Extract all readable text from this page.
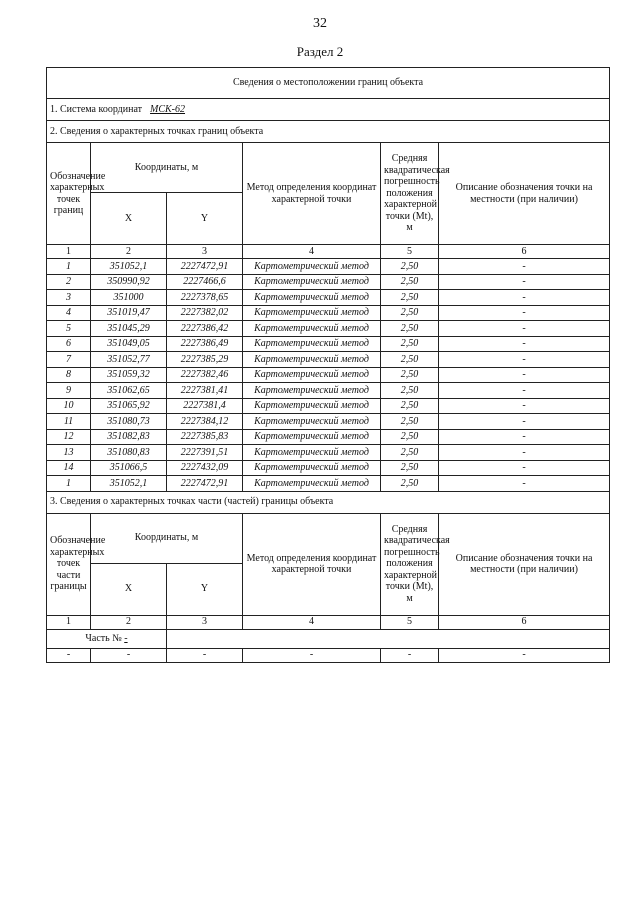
32
Раздел 2
Сведения о местоположении границ объекта					
1. Система координат МСК-62					
2. Сведения о характерных точках границ объекта					
Обозначение характерных точек границ	Координаты, м		Метод определения координат характерной точки	Средняя квадратическая погрешность положения характерной точки (Mt), м	Описание обозначения точки на местности (при наличии)
	X	Y			
1	2	3	4	5	6
1	351052,1	2227472,91	Картометрический метод	2,50	-
2	350990,92	2227466,6	Картометрический метод	2,50	-
3	351000	2227378,65	Картометрический метод	2,50	-
4	351019,47	2227382,02	Картометрический метод	2,50	-
5	351045,29	2227386,42	Картометрический метод	2,50	-
6	351049,05	2227386,49	Картометрический метод	2,50	-
7	351052,77	2227385,29	Картометрический метод	2,50	-
8	351059,32	2227382,46	Картометрический метод	2,50	-
9	351062,65	2227381,41	Картометрический метод	2,50	-
10	351065,92	2227381,4	Картометрический метод	2,50	-
11	351080,73	2227384,12	Картометрический метод	2,50	-
12	351082,83	2227385,83	Картометрический метод	2,50	-
13	351080,83	2227391,51	Картометрический метод	2,50	-
14	351066,5	2227432,09	Картометрический метод	2,50	-
1	351052,1	2227472,91	Картометрический метод	2,50	-
3. Сведения о характерных точках части (частей) границы объекта					
Обозначение характерных точек части границы	Координаты, м		Метод определения координат характерной точки	Средняя квадратическая погрешность положения характерной точки (Mt), м	Описание обозначения точки на местности (при наличии)
	X	Y			
1	2	3	4	5	6
Часть № -					
-	-	-	-	-	-
